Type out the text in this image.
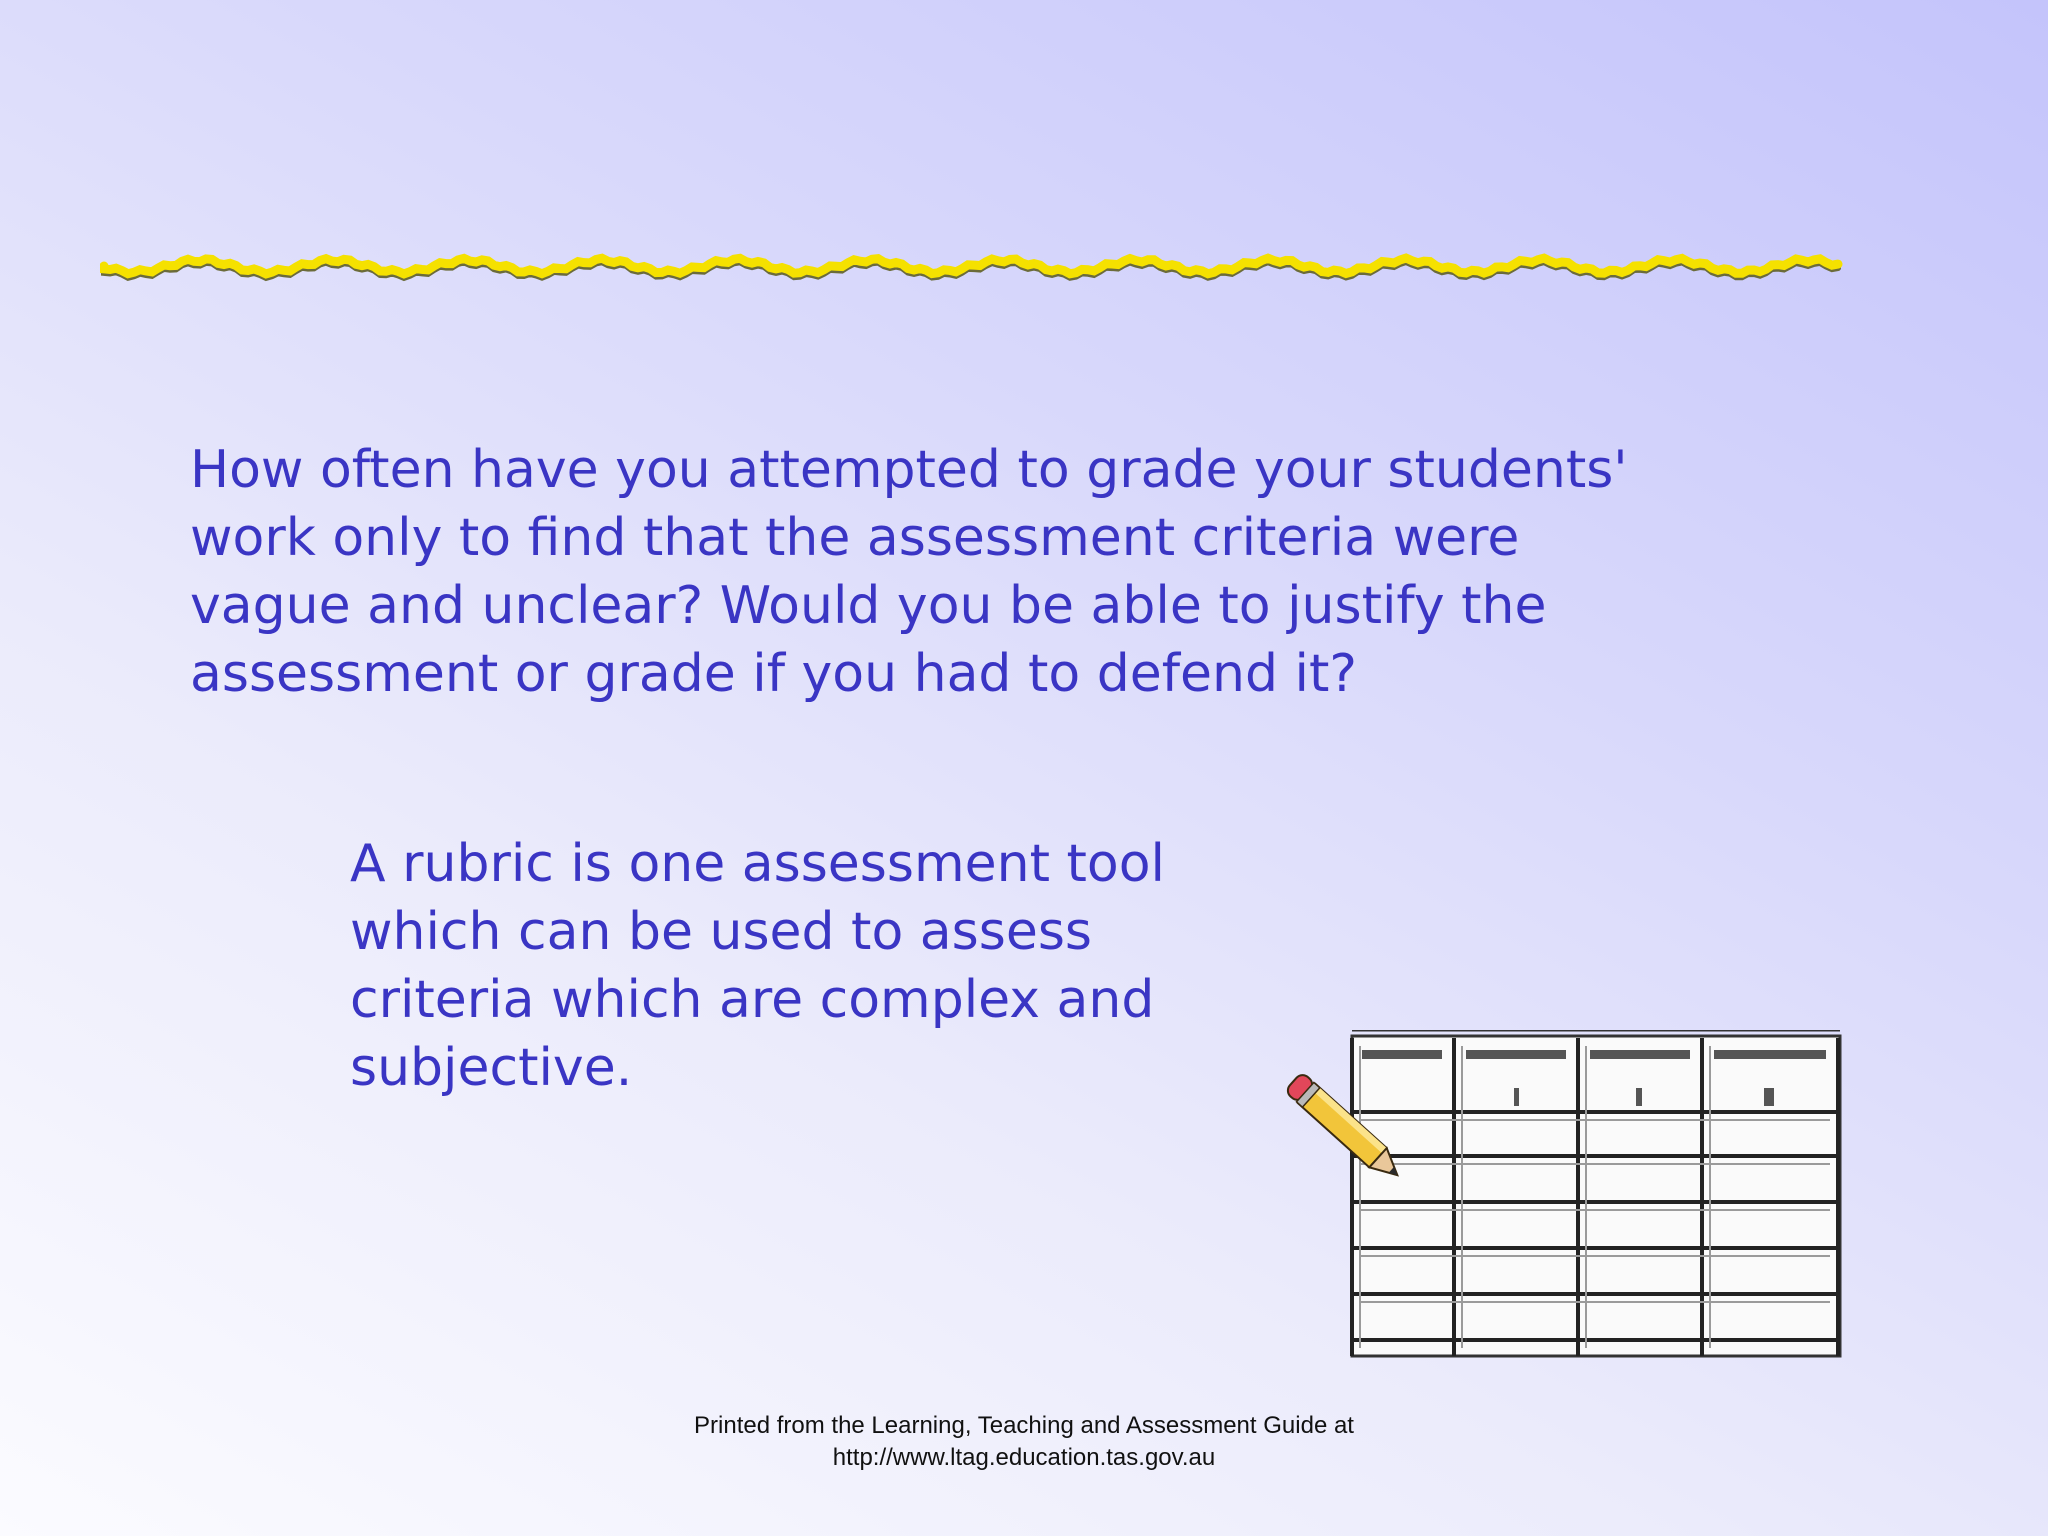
How often have you attempted to grade your students'
work only to find that the assessment criteria were
vague and unclear? Would you be able to justify the
assessment or grade if you had to defend it?

A rubric is one assessment tool
which can be used to assess
criteria which are complex and
subjective.

Printed from the Learning, Teaching and Assessment Guide at
http://www.ltag.education.tas.gov.au
